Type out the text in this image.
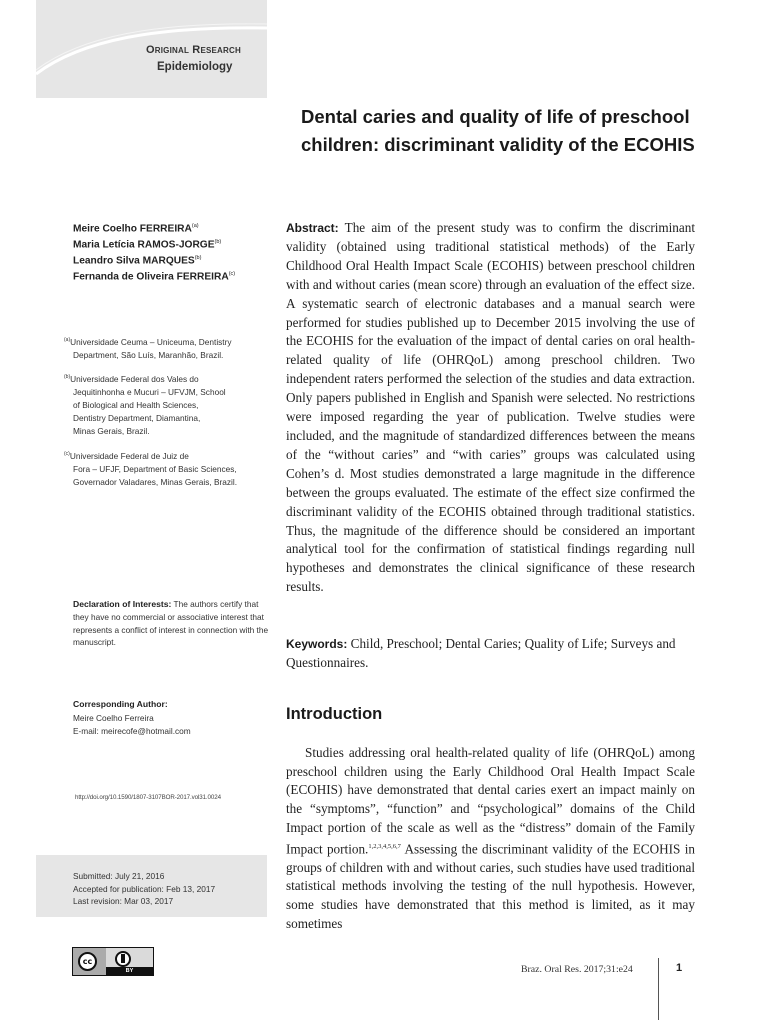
Original Research
Epidemiology
Dental caries and quality of life of preschool children: discriminant validity of the ECOHIS
Meire Coelho FERREIRA$^{(a)}$
Maria Letícia RAMOS-JORGE$^{(b)}$
Leandro Silva MARQUES$^{(b)}$
Fernanda de Oliveira FERREIRA$^{(c)}$
$^{(a)}$Universidade Ceuma – Uniceuma, Dentistry
Department, São Luís, Maranhão, Brazil.
$^{(b)}$Universidade Federal dos Vales do
Jequitinhonha e Mucuri – UFVJM, School
of Biological and Health Sciences,
Dentistry Department, Diamantina,
Minas Gerais, Brazil.
$^{(c)}$Universidade Federal de Juiz de
Fora – UFJF, Department of Basic Sciences,
Governador Valadares, Minas Gerais, Brazil.
Declaration of Interests: The authors certify that they have no commercial or associative interest that represents a conflict of interest in connection with the manuscript.
Corresponding Author:
Meire Coelho Ferreira
E-mail: meirecofe@hotmail.com
http://doi.org/10.1590/1807-3107BOR-2017.vol31.0024
Submitted: July 21, 2016
Accepted for publication: Feb 13, 2017
Last revision: Mar 03, 2017
cc
BY
Abstract: The aim of the present study was to confirm the discriminant validity (obtained using traditional statistical methods) of the Early Childhood Oral Health Impact Scale (ECOHIS) between preschool children with and without caries (mean score) through an evaluation of the effect size. A systematic search of electronic databases and a manual search were performed for studies published up to December 2015 involving the use of the ECOHIS for the evaluation of the impact of dental caries on oral health-related quality of life (OHRQoL) among preschool children. Two independent raters performed the selection of the studies and data extraction. Only papers published in English and Spanish were selected. No restrictions were imposed regarding the year of publication. Twelve studies were included, and the magnitude of standardized differences between the means of the “without caries” and “with caries” groups was calculated using Cohen’s d. Most studies demonstrated a large magnitude in the difference between the groups evaluated. The estimate of the effect size confirmed the discriminant validity of the ECOHIS obtained through traditional statistics. Thus, the magnitude of the difference should be considered an important analytical tool for the confirmation of statistical findings regarding null hypotheses and demonstrates the clinical significance of these research results.
Keywords: Child, Preschool; Dental Caries; Quality of Life; Surveys and Questionnaires.
Introduction
Studies addressing oral health-related quality of life (OHRQoL) among preschool children using the Early Childhood Oral Health Impact Scale (ECOHIS) have demonstrated that dental caries exert an impact mainly on the “symptoms”, “function” and “psychological” domains of the Child Impact portion of the scale as well as the “distress” domain of the Family Impact portion.$^{1,2,3,4,5,6,7}$ Assessing the discriminant validity of the ECOHIS in groups of children with and without caries, such studies have used traditional statistical methods involving the testing of the null hypothesis. However, some studies have demonstrated that this method is limited, as it may sometimes
Braz. Oral Res. 2017;31:e24	1
